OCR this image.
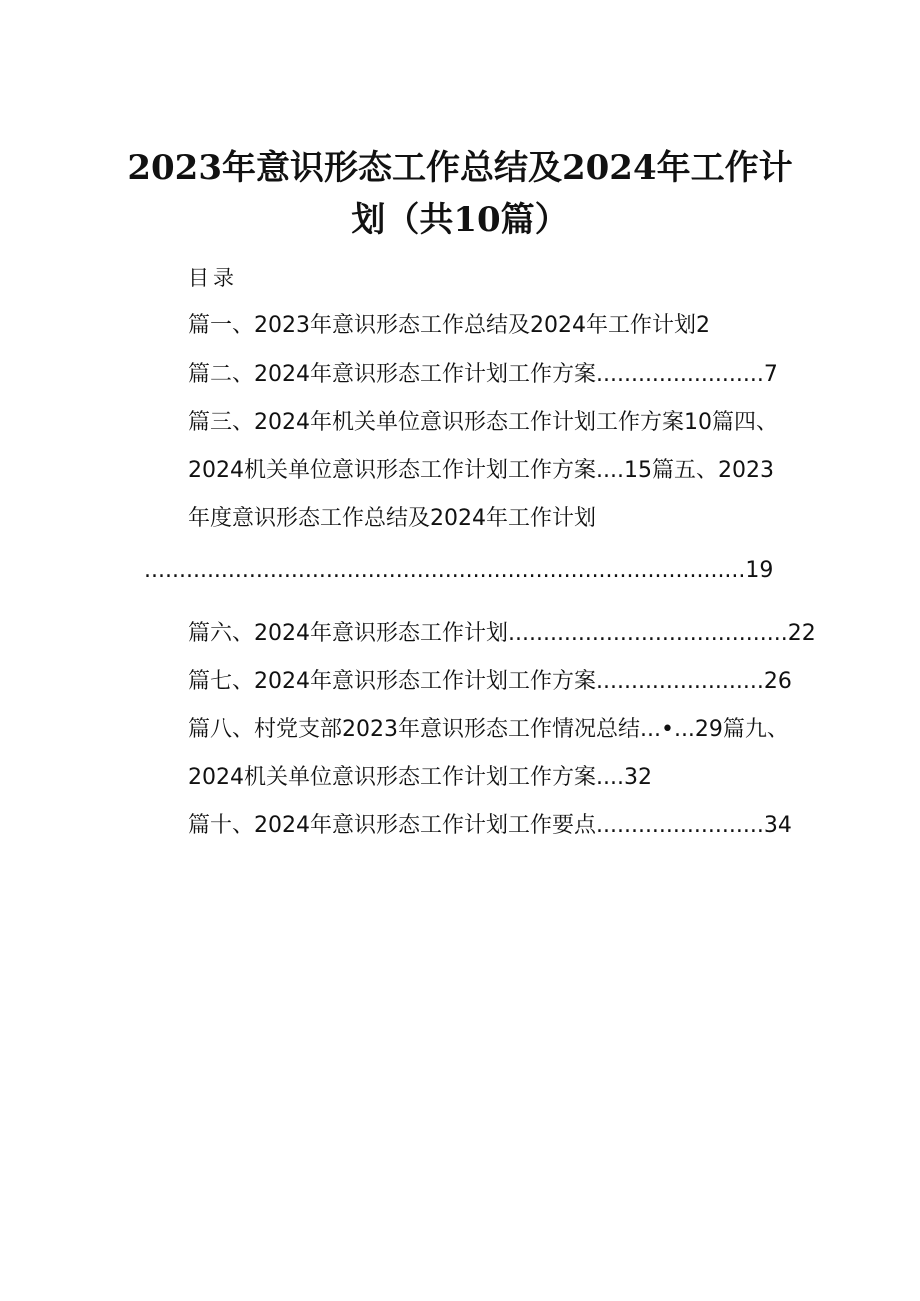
2023年意识形态工作总结及2024年工作计
划（共10篇）

目录

篇一、2023年意识形态工作总结及2024年工作计划2

篇二、2024年意识形态工作计划工作方案........................7

篇三、2024年机关单位意识形态工作计划工作方案10篇四、

2024机关单位意识形态工作计划工作方案....15篇五、2023

年度意识形态工作总结及2024年工作计划

......................................................................................19

篇六、2024年意识形态工作计划........................................22

篇七、2024年意识形态工作计划工作方案........................26

篇八、村党支部2023年意识形态工作情况总结...•...29篇九、

2024机关单位意识形态工作计划工作方案....32

篇十、2024年意识形态工作计划工作要点........................34
